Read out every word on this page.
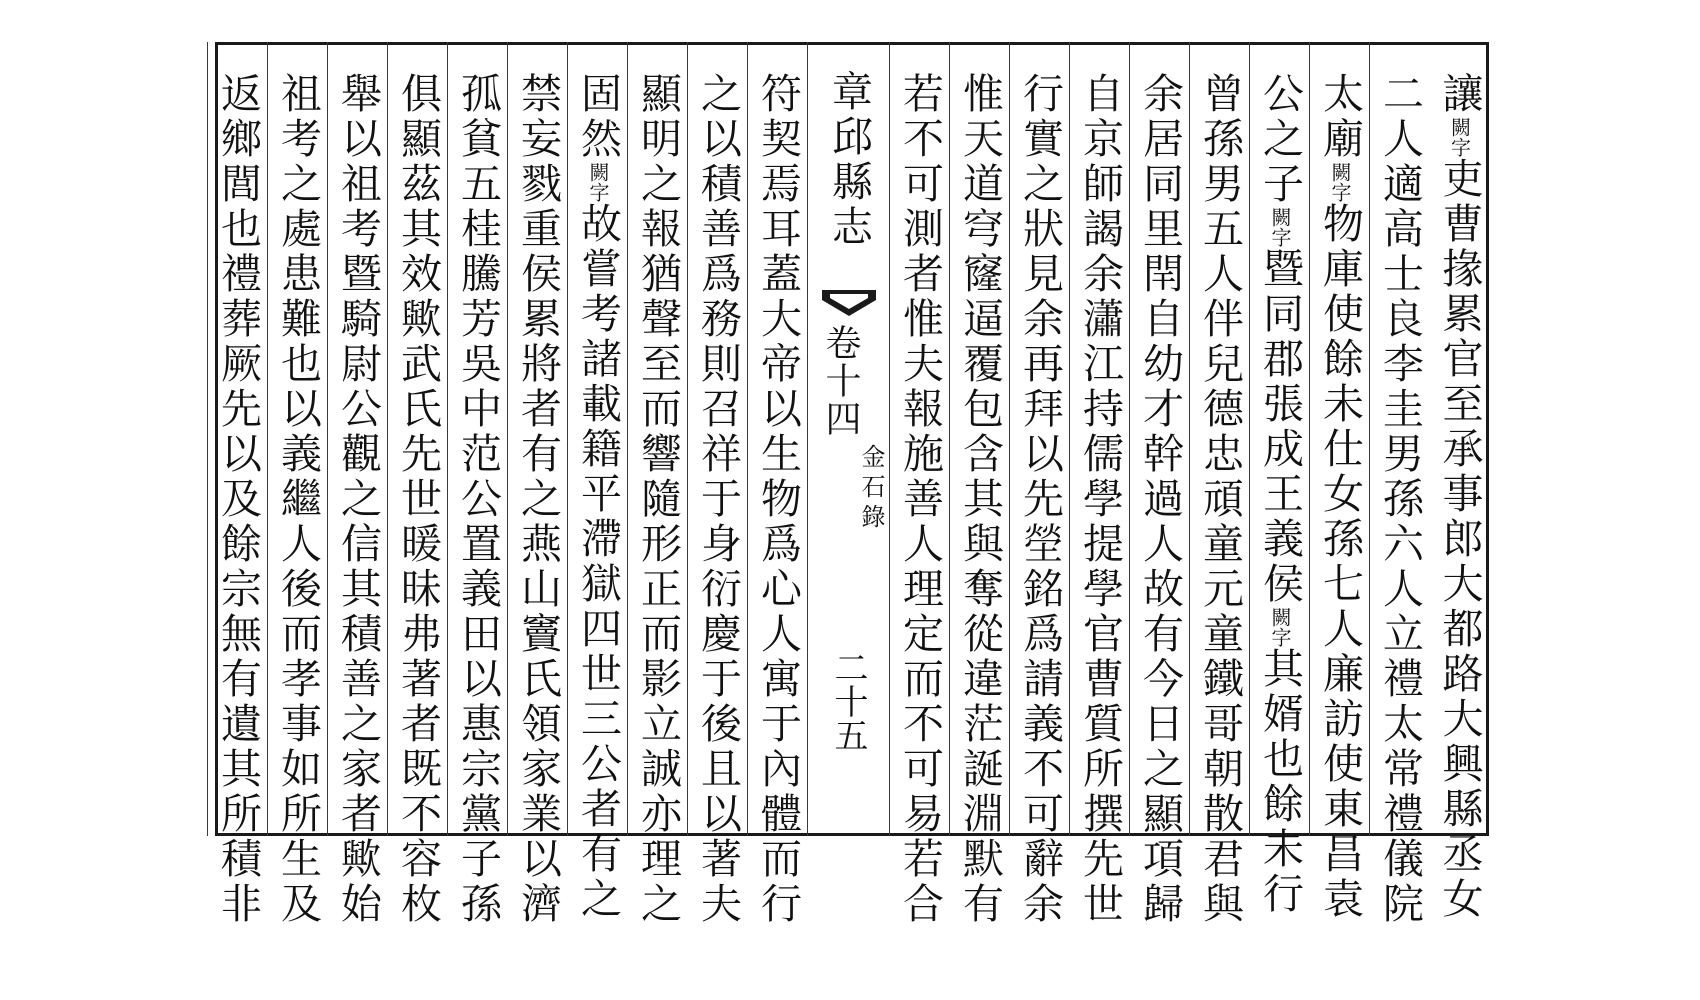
讓闕字吏曹掾累官至承事郎大都路大興縣丞女
二人適高士良李圭男孫六人立禮太常禮儀院
太廟闕字物庫使餘未仕女孫七人廉訪使東昌袁
公之子闕字暨同郡張成王義侯闕字其婿也餘未行
曾孫男五人伴兒德忠頑童元童鐵哥朝散君與
余居同里閈自幼才幹過人故有今日之顯項歸
自京師謁余瀟江持儒學提學官曹質所撰先世
行實之狀見余再拜以先塋銘爲請義不可辭余
惟天道穹窿逼覆包含其與奪從違茫誕淵默有
若不可測者惟夫報施善人理定而不可易若合
章邱縣志
卷十四
金石錄
二十五
符契焉耳蓋大帝以生物爲心人寓于內體而行
之以積善爲務則召祥于身衍慶于後且以著夫
顯明之報猶聲至而響隨形正而影立誠亦理之
固然闕字故嘗考諸載籍平滯獄四世三公者有之
禁妄戮重侯累將者有之燕山竇氏領家業以濟
孤貧五桂騰芳吳中范公置義田以惠宗黨子孫
俱顯茲其效歟武氏先世暖昧弗著者既不容枚
舉以祖考暨騎尉公觀之信其積善之家者歟始
祖考之處患難也以義繼人後而孝事如所生及
返鄉閭也禮葬厥先以及餘宗無有遺其所積非
